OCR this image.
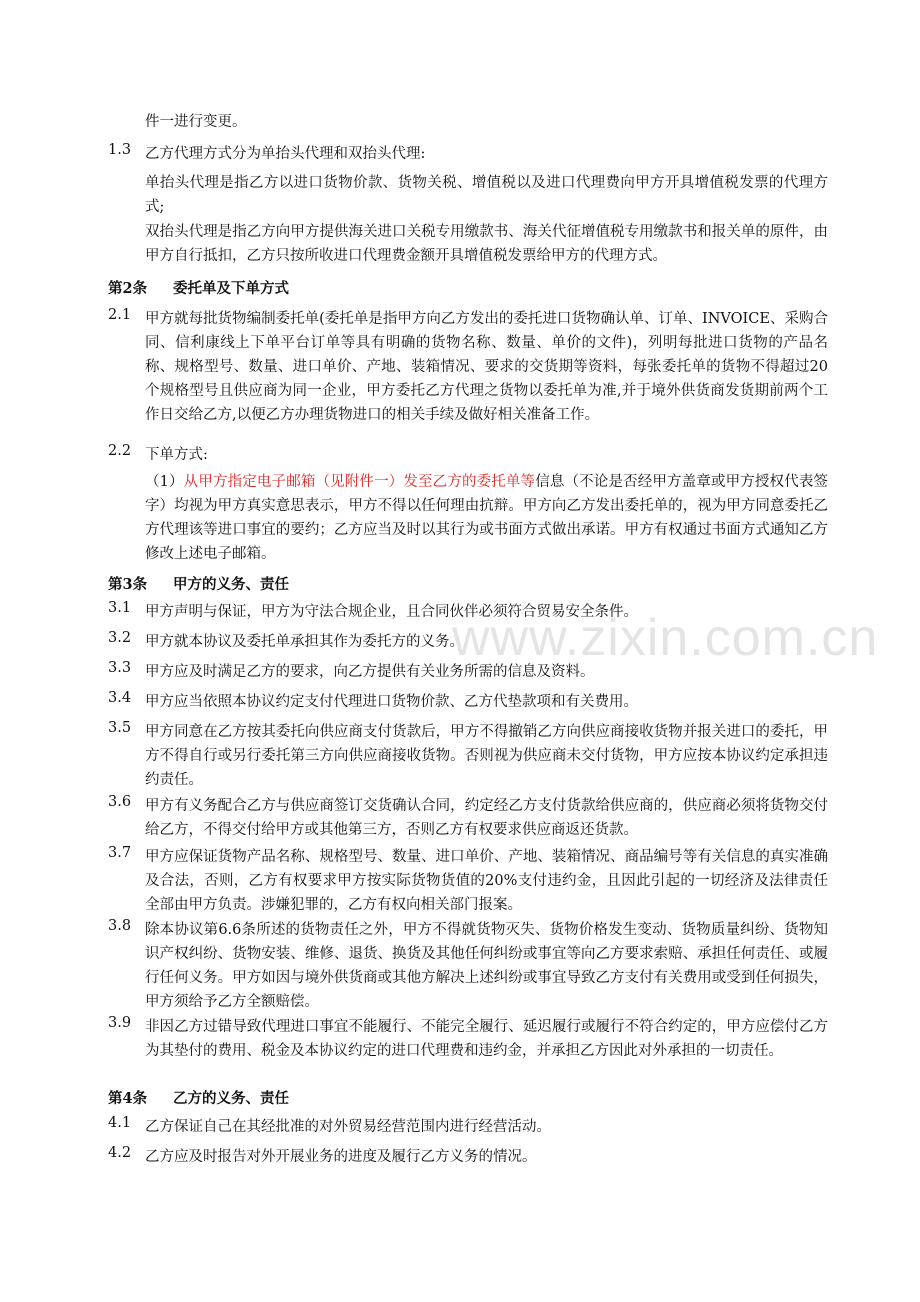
www.zixin.com.cn
件一进行变更。
1.3 乙方代理方式分为单抬头代理和双抬头代理:
单抬头代理是指乙方以进口货物价款、货物关税、增值税以及进口代理费向甲方开具增值税发票的代理方式;
双抬头代理是指乙方向甲方提供海关进口关税专用缴款书、海关代征增值税专用缴款书和报关单的原件，由甲方自行抵扣，乙方只按所收进口代理费金额开具增值税发票给甲方的代理方式。
第2条 委托单及下单方式
2.1 甲方就每批货物编制委托单(委托单是指甲方向乙方发出的委托进口货物确认单、订单、INVOICE、采购合同、信利康线上下单平台订单等具有明确的货物名称、数量、单价的文件)，列明每批进口货物的产品名称、规格型号、数量、进口单价、产地、装箱情况、要求的交货期等资料，每张委托单的货物不得超过20个规格型号且供应商为同一企业，甲方委托乙方代理之货物以委托单为准,并于境外供货商发货期前两个工作日交给乙方,以便乙方办理货物进口的相关手续及做好相关准备工作。
2.2 下单方式:
（1）从甲方指定电子邮箱（见附件一）发至乙方的委托单等信息（不论是否经甲方盖章或甲方授权代表签字）均视为甲方真实意思表示，甲方不得以任何理由抗辩。甲方向乙方发出委托单的，视为甲方同意委托乙方代理该等进口事宜的要约；乙方应当及时以其行为或书面方式做出承诺。甲方有权通过书面方式通知乙方修改上述电子邮箱。
第3条 甲方的义务、责任
3.1 甲方声明与保证，甲方为守法合规企业，且合同伙伴必须符合贸易安全条件。
3.2 甲方就本协议及委托单承担其作为委托方的义务。
3.3 甲方应及时满足乙方的要求，向乙方提供有关业务所需的信息及资料。
3.4 甲方应当依照本协议约定支付代理进口货物价款、乙方代垫款项和有关费用。
3.5 甲方同意在乙方按其委托向供应商支付货款后，甲方不得撤销乙方向供应商接收货物并报关进口的委托，甲方不得自行或另行委托第三方向供应商接收货物。否则视为供应商未交付货物，甲方应按本协议约定承担违约责任。
3.6 甲方有义务配合乙方与供应商签订交货确认合同，约定经乙方支付货款给供应商的，供应商必须将货物交付给乙方，不得交付给甲方或其他第三方，否则乙方有权要求供应商返还货款。
3.7 甲方应保证货物产品名称、规格型号、数量、进口单价、产地、装箱情况、商品编号等有关信息的真实准确及合法，否则，乙方有权要求甲方按实际货物货值的20%支付违约金，且因此引起的一切经济及法律责任全部由甲方负责。涉嫌犯罪的，乙方有权向相关部门报案。
3.8 除本协议第6.6条所述的货物责任之外，甲方不得就货物灭失、货物价格发生变动、货物质量纠纷、货物知识产权纠纷、货物安装、维修、退货、换货及其他任何纠纷或事宜等向乙方要求索赔、承担任何责任、或履行任何义务。甲方如因与境外供货商或其他方解决上述纠纷或事宜导致乙方支付有关费用或受到任何损失，甲方须给予乙方全额赔偿。
3.9 非因乙方过错导致代理进口事宜不能履行、不能完全履行、延迟履行或履行不符合约定的，甲方应偿付乙方为其垫付的费用、税金及本协议约定的进口代理费和违约金，并承担乙方因此对外承担的一切责任。
第4条 乙方的义务、责任
4.1 乙方保证自己在其经批准的对外贸易经营范围内进行经营活动。
4.2 乙方应及时报告对外开展业务的进度及履行乙方义务的情况。
